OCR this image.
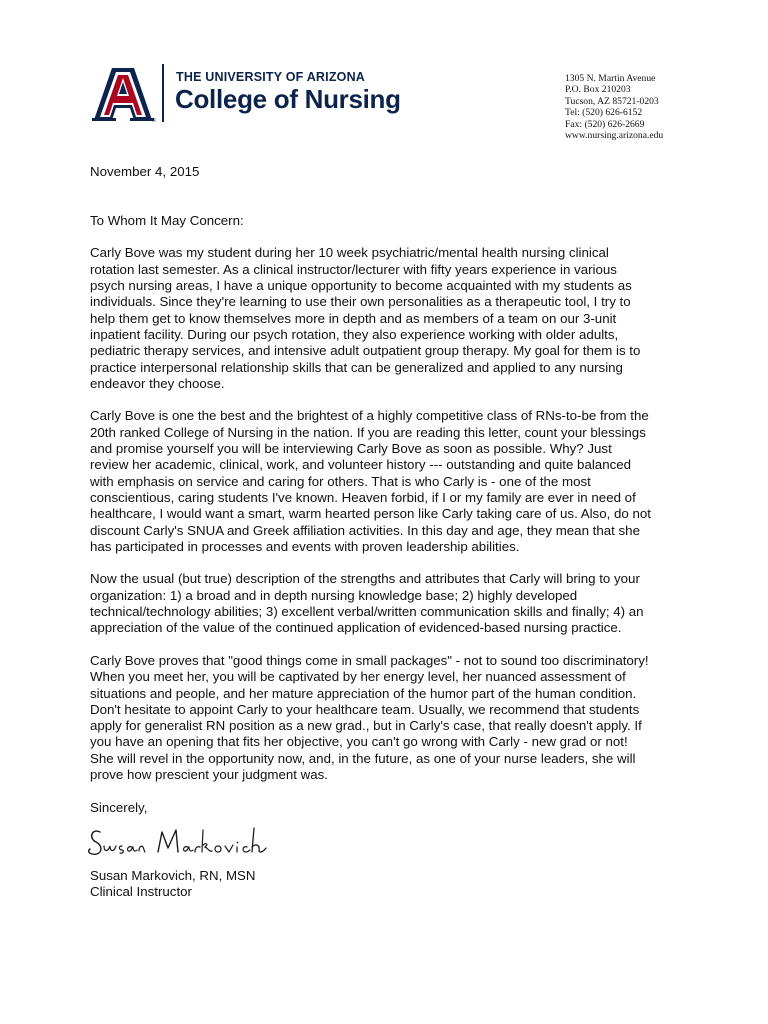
®
THE UNIVERSITY OF ARIZONA
College of Nursing
1305 N. Martin Avenue
P.O. Box 210203
Tucson, AZ 85721-0203
Tel: (520) 626-6152
Fax: (520) 626-2669
www.nursing.arizona.edu

November 4, 2015

To Whom It May Concern:

Carly Bove was my student during her 10 week psychiatric/mental health nursing clinical
rotation last semester. As a clinical instructor/lecturer with fifty years experience in various
psych nursing areas, I have a unique opportunity to become acquainted with my students as
individuals. Since they're learning to use their own personalities as a therapeutic tool, I try to
help them get to know themselves more in depth and as members of a team on our 3-unit
inpatient facility. During our psych rotation, they also experience working with older adults,
pediatric therapy services, and intensive adult outpatient group therapy. My goal for them is to
practice interpersonal relationship skills that can be generalized and applied to any nursing
endeavor they choose.

Carly Bove is one the best and the brightest of a highly competitive class of RNs-to-be from the
20th ranked College of Nursing in the nation. If you are reading this letter, count your blessings
and promise yourself you will be interviewing Carly Bove as soon as possible. Why? Just
review her academic, clinical, work, and volunteer history --- outstanding and quite balanced
with emphasis on service and caring for others. That is who Carly is - one of the most
conscientious, caring students I've known. Heaven forbid, if I or my family are ever in need of
healthcare, I would want a smart, warm hearted person like Carly taking care of us. Also, do not
discount Carly's SNUA and Greek affiliation activities. In this day and age, they mean that she
has participated in processes and events with proven leadership abilities.

Now the usual (but true) description of the strengths and attributes that Carly will bring to your
organization: 1) a broad and in depth nursing knowledge base; 2) highly developed
technical/technology abilities; 3) excellent verbal/written communication skills and finally; 4) an
appreciation of the value of the continued application of evidenced-based nursing practice.

Carly Bove proves that "good things come in small packages" - not to sound too discriminatory!
When you meet her, you will be captivated by her energy level, her nuanced assessment of
situations and people, and her mature appreciation of the humor part of the human condition.
Don't hesitate to appoint Carly to your healthcare team. Usually, we recommend that students
apply for generalist RN position as a new grad., but in Carly's case, that really doesn't apply. If
you have an opening that fits her objective, you can't go wrong with Carly - new grad or not!
She will revel in the opportunity now, and, in the future, as one of your nurse leaders, she will
prove how prescient your judgment was.

Sincerely,

Susan Markovich, RN, MSN

Clinical Instructor
